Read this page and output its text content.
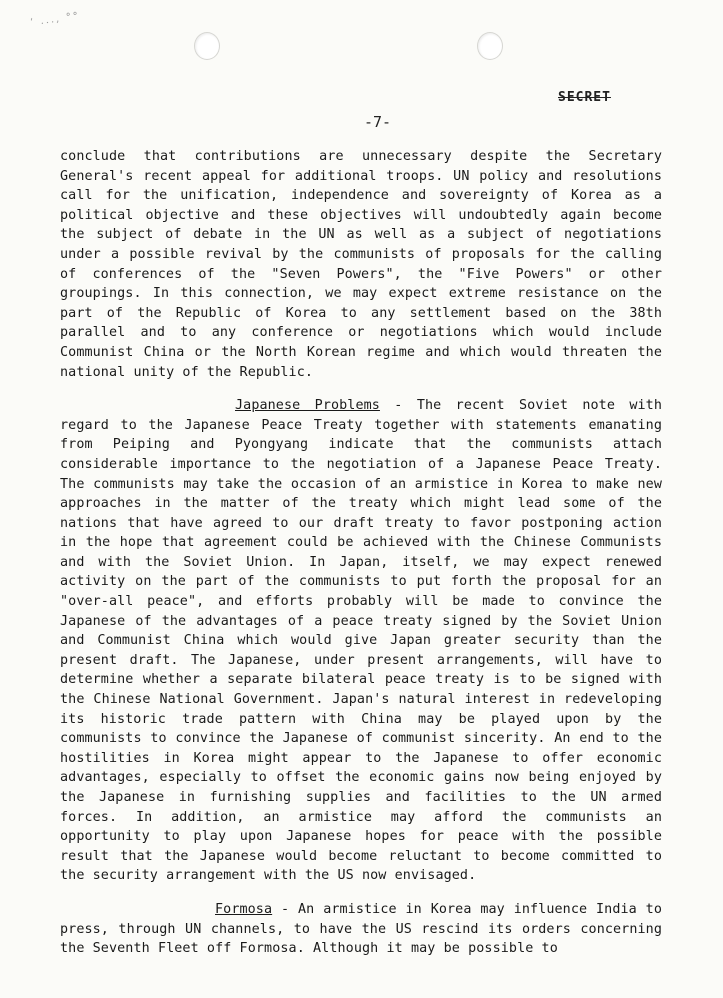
‘ ..., °°
SECRET
-7-

conclude that contributions are unnecessary despite the Secretary General's recent appeal for additional troops. UN policy and resolutions call for the unification, independence and sovereignty of Korea as a political objective and these objectives will undoubtedly again become the subject of debate in the UN as well as a subject of negotiations under a possible revival by the communists of proposals for the calling of conferences of the "Seven Powers", the "Five Powers" or other groupings. In this connection, we may expect extreme resistance on the part of the Republic of Korea to any settlement based on the 38th parallel and to any conference or negotiations which would include Communist China or the North Korean regime and which would threaten the national unity of the Republic.

Japanese Problems - The recent Soviet note with regard to the Japanese Peace Treaty together with statements emanating from Peiping and Pyongyang indicate that the communists attach considerable importance to the negotiation of a Japanese Peace Treaty. The communists may take the occasion of an armistice in Korea to make new approaches in the matter of the treaty which might lead some of the nations that have agreed to our draft treaty to favor postponing action in the hope that agreement could be achieved with the Chinese Communists and with the Soviet Union. In Japan, itself, we may expect renewed activity on the part of the communists to put forth the proposal for an "over-all peace", and efforts probably will be made to convince the Japanese of the advantages of a peace treaty signed by the Soviet Union and Communist China which would give Japan greater security than the present draft. The Japanese, under present arrangements, will have to determine whether a separate bilateral peace treaty is to be signed with the Chinese National Government. Japan's natural interest in redeveloping its historic trade pattern with China may be played upon by the communists to convince the Japanese of communist sincerity. An end to the hostilities in Korea might appear to the Japanese to offer economic advantages, especially to offset the economic gains now being enjoyed by the Japanese in furnishing supplies and facilities to the UN armed forces. In addition, an armistice may afford the communists an opportunity to play upon Japanese hopes for peace with the possible result that the Japanese would become reluctant to become committed to the security arrangement with the US now envisaged.

Formosa - An armistice in Korea may influence India to press, through UN channels, to have the US rescind its orders concerning the Seventh Fleet off Formosa. Although it may be possible to
